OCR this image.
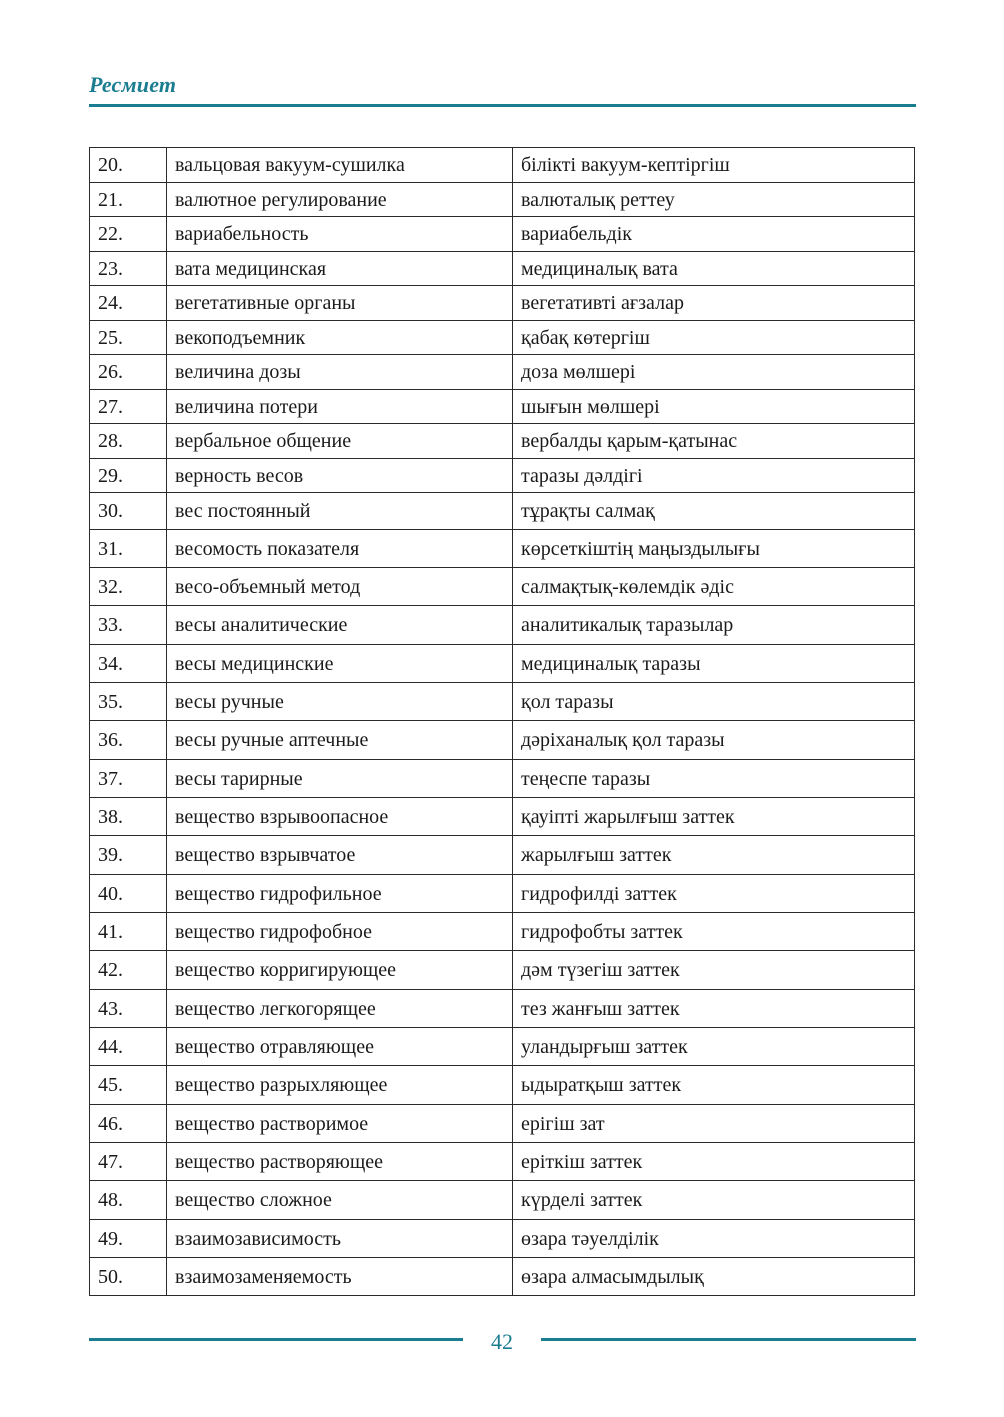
Ресмиет
20.	вальцовая вакуум-сушилка	білікті вакуум-кептіргіш
21.	валютное регулирование	валюталық реттеу
22.	вариабельность	вариабельдік
23.	вата медицинская	медициналық вата
24.	вегетативные органы	вегетативті ағзалар
25.	векоподъемник	қабақ көтергіш
26.	величина дозы	доза мөлшері
27.	величина потери	шығын мөлшері
28.	вербальное общение	вербалды қарым-қатынас
29.	верность весов	таразы дәлдігі
30.	вес постоянный	тұрақты салмақ
31.	весомость показателя	көрсеткіштің маңыздылығы
32.	весо-объемный метод	салмақтық-көлемдік әдіс
33.	весы аналитические	аналитикалық таразылар
34.	весы медицинские	медициналық таразы
35.	весы ручные	қол таразы
36.	весы ручные аптечные	дәріханалық қол таразы
37.	весы тарирные	теңеспе таразы
38.	вещество взрывоопасное	қауіпті жарылғыш заттек
39.	вещество взрывчатое	жарылғыш заттек
40.	вещество гидрофильное	гидрофилді заттек
41.	вещество гидрофобное	гидрофобты заттек
42.	вещество корригирующее	дәм түзегіш заттек
43.	вещество легкогорящее	тез жанғыш заттек
44.	вещество отравляющее	уландырғыш заттек
45.	вещество разрыхляющее	ыдыратқыш заттек
46.	вещество растворимое	ерігіш зат
47.	вещество растворяющее	еріткіш заттек
48.	вещество сложное	күрделі заттек
49.	взаимозависимость	өзара тәуелділік
50.	взаимозаменяемость	өзара алмасымдылық
42
